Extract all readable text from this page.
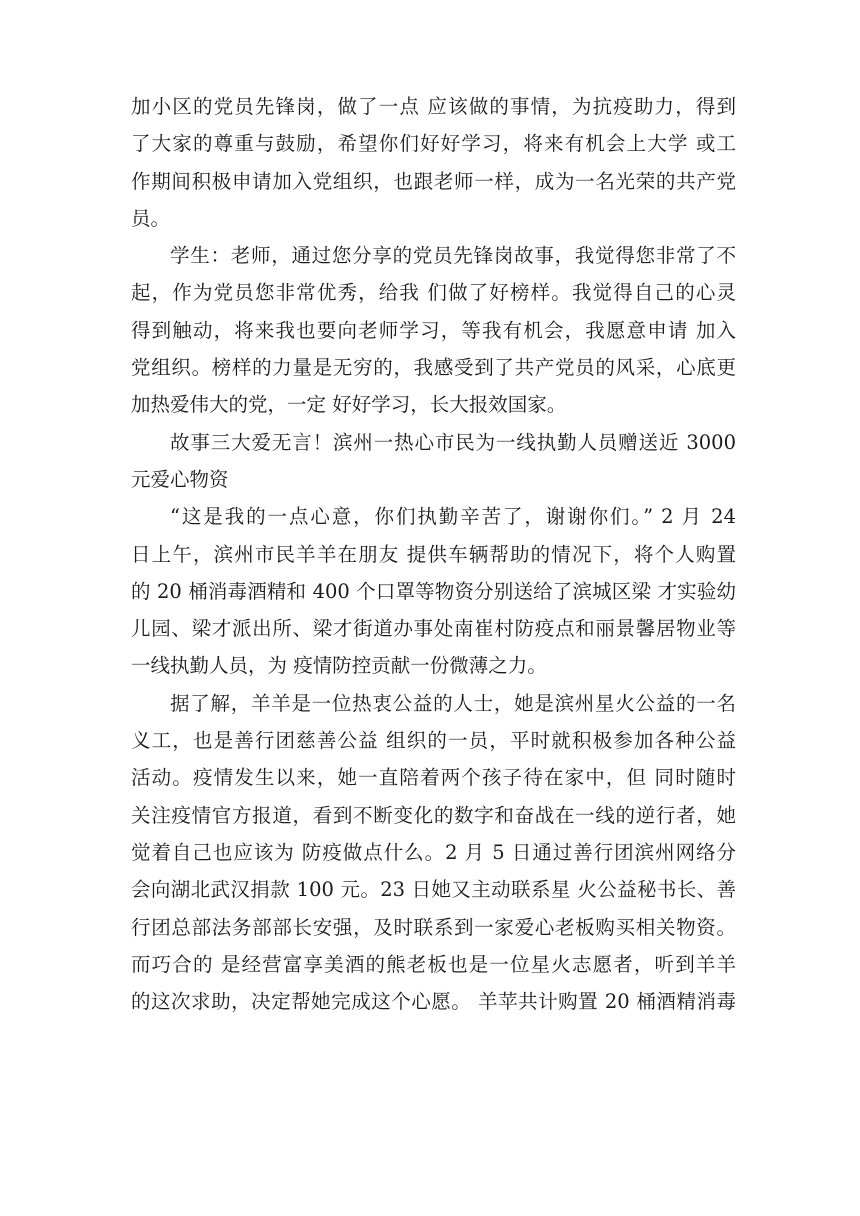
加小区的党员先锋岗，做了一点 应该做的事情，为抗疫助力，得到
了大家的尊重与鼓励，希望你们好好学习，将来有机会上大学 或工
作期间积极申请加入党组织，也跟老师一样，成为一名光荣的共产党
员。
学生：老师，通过您分享的党员先锋岗故事，我觉得您非常了不
起，作为党员您非常优秀，给我 们做了好榜样。我觉得自己的心灵
得到触动，将来我也要向老师学习，等我有机会，我愿意申请 加入
党组织。榜样的力量是无穷的，我感受到了共产党员的风采，心底更
加热爱伟大的党，一定 好好学习，长大报效国家。
故事三大爱无言！滨州一热心市民为一线执勤人员赠送近 3000
元爱心物资
“这是我的一点心意，你们执勤辛苦了，谢谢你们。” 2 月 24
日上午，滨州市民羊羊在朋友 提供车辆帮助的情况下，将个人购置
的 20 桶消毒酒精和 400 个口罩等物资分别送给了滨城区梁 才实验幼
儿园、梁才派出所、梁才街道办事处南崔村防疫点和丽景馨居物业等
一线执勤人员，为 疫情防控贡献一份微薄之力。
据了解，羊羊是一位热衷公益的人士，她是滨州星火公益的一名
义工，也是善行团慈善公益 组织的一员，平时就积极参加各种公益
活动。疫情发生以来，她一直陪着两个孩子待在家中，但 同时随时
关注疫情官方报道，看到不断变化的数字和奋战在一线的逆行者，她
觉着自己也应该为 防疫做点什么。2 月 5 日通过善行团滨州网络分
会向湖北武汉捐款 100 元。23 日她又主动联系星 火公益秘书长、善
行团总部法务部部长安强，及时联系到一家爱心老板购买相关物资。
而巧合的 是经营富享美酒的熊老板也是一位星火志愿者，听到羊羊
的这次求助，决定帮她完成这个心愿。 羊苹共计购置 20 桶酒精消毒
